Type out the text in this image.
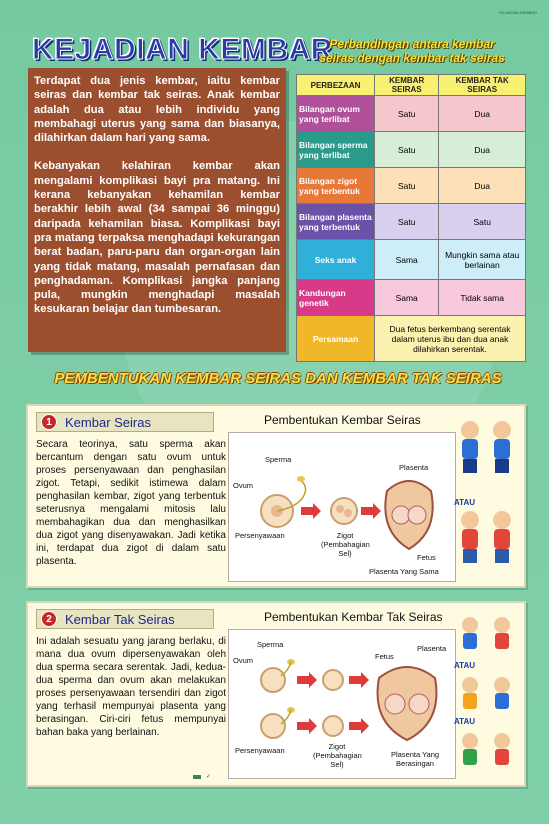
KEJADIAN KEMBAR
KEJADIAN KEMBAR

Terdapat dua jenis kembar, iaitu kembar seiras dan kembar tak seiras. Anak kembar adalah dua atau lebih individu yang membahagi uterus yang sama dan biasanya, dilahirkan dalam hari yang sama.

Kebanyakan kelahiran kembar akan mengalami komplikasi bayi pra matang. Ini kerana kebanyakan kehamilan kembar berakhir lebih awal (34 sampai 36 minggu) daripada kehamilan biasa. Komplikasi bayi pra matang terpaksa menghadapi kekurangan berat badan, paru-paru dan organ-organ lain yang tidak matang, masalah pernafasan dan penghadaman. Komplikasi jangka panjang pula, mungkin menghadapi masalah kesukaran belajar dan tumbesaran.

Perbandingan antara kembar
seiras dengan kembar tak seiras
PERBEZAAN	KEMBAR SEIRAS	KEMBAR TAK SEIRAS
Bilangan ovum yang terlibat	Satu	Dua
Bilangan sperma yang terlibat	Satu	Dua
Bilangan zigot yang terbentuk	Satu	Dua
Bilangan plasenta yang terbentuk	Satu	Satu
Seks anak	Sama	Mungkin sama atau berlainan
Kandungan genetik	Sama	Tidak sama
Persamaan	Dua fetus berkembang serentak dalam uterus ibu dan dua anak dilahirkan serentak.	
PEMBENTUKAN KEMBAR SEIRAS DAN KEMBAR TAK SEIRAS
1	Kembar Seiras
Secara teorinya, satu sperma akan bercantum dengan satu ovum untuk proses persenyawaan dan penghasilan zigot. Tetapi, sedikit istimewa dalam penghasilan kembar, zigot yang terbentuk seterusnya mengalami mitosis lalu membahagikan dua dan menghasilkan dua zigot yang disenyawakan. Jadi ketika ini, terdapat dua zigot di dalam satu plasenta.
Pembentukan Kembar Seiras
Sperma
Ovum
Persenyawaan	Zigot
(Pembahagian
Sel)
Plasenta
Fetus
Plasenta Yang Sama
ATAU
2	Kembar Tak Seiras
Ini adalah sesuatu yang jarang berlaku, di mana dua ovum dipersenyawakan oleh dua sperma secara serentak. Jadi, kedua-dua sperma dan ovum akan melakukan proses persenyawaan tersendiri dan zigot yang terhasil mempunyai plasenta yang berasingan. Ciri-ciri fetus mempunyai bahan baka yang berlainan.
Pembentukan Kembar Tak Seiras
Sperma
Ovum
Persenyawaan	Zigot
(Pembahagian
Sel)
Fetus
Plasenta
Plasenta Yang
Berasingan
ATAU
ATAU
✓
